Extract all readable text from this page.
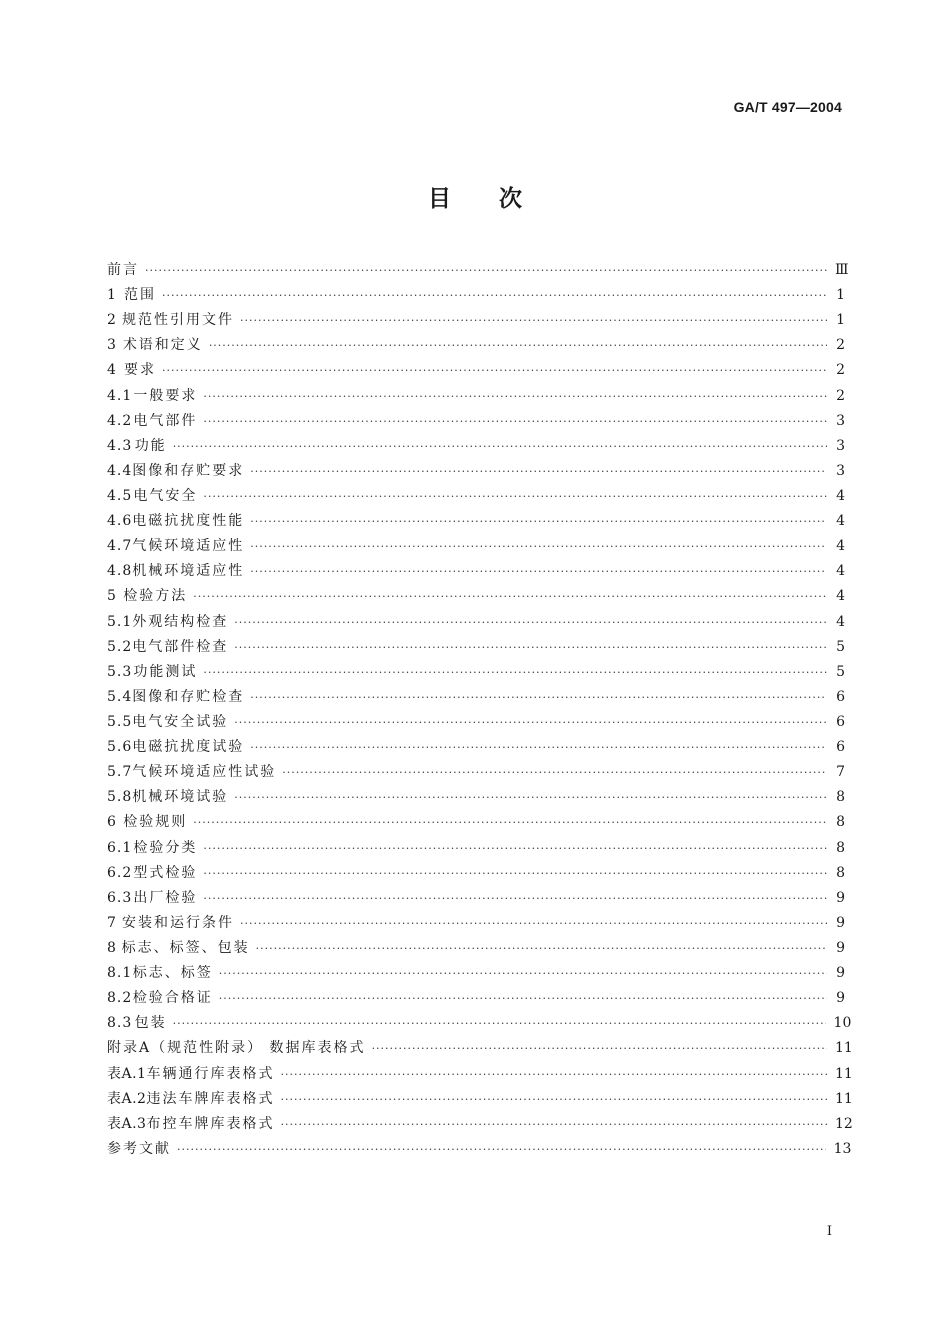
GA/T 497—2004
目 次
前言 ·····	Ⅲ
1 范围 ·····	1
2 规范性引用文件 ·····	1
3 术语和定义 ·····	2
4 要求 ·····	2
4.1 一般要求 ·····	2
4.2 电气部件 ·····	3
4.3 功能 ·····	3
4.4 图像和存贮要求 ·····	3
4.5 电气安全 ·····	4
4.6 电磁抗扰度性能 ·····	4
4.7 气候环境适应性 ·····	4
4.8 机械环境适应性 ·····	4
5 检验方法 ·····	4
5.1 外观结构检查 ·····	4
5.2 电气部件检查 ·····	5
5.3 功能测试 ·····	5
5.4 图像和存贮检查 ·····	6
5.5 电气安全试验 ·····	6
5.6 电磁抗扰度试验 ·····	6
5.7 气候环境适应性试验 ·····	7
5.8 机械环境试验 ·····	8
6 检验规则 ·····	8
6.1 检验分类 ·····	8
6.2 型式检验 ·····	8
6.3 出厂检验 ·····	9
7 安装和运行条件 ·····	9
8 标志、标签、包装 ·····	9
8.1 标志、标签 ·····	9
8.2 检验合格证 ·····	9
8.3 包装 ·····	10
附录A（规范性附录） 数据库表格式 ·····	11
表A.1 车辆通行库表格式 ·····	11
表A.2 违法车牌库表格式 ·····	11
表A.3 布控车牌库表格式 ·····	12
参考文献 ·····	13
I
